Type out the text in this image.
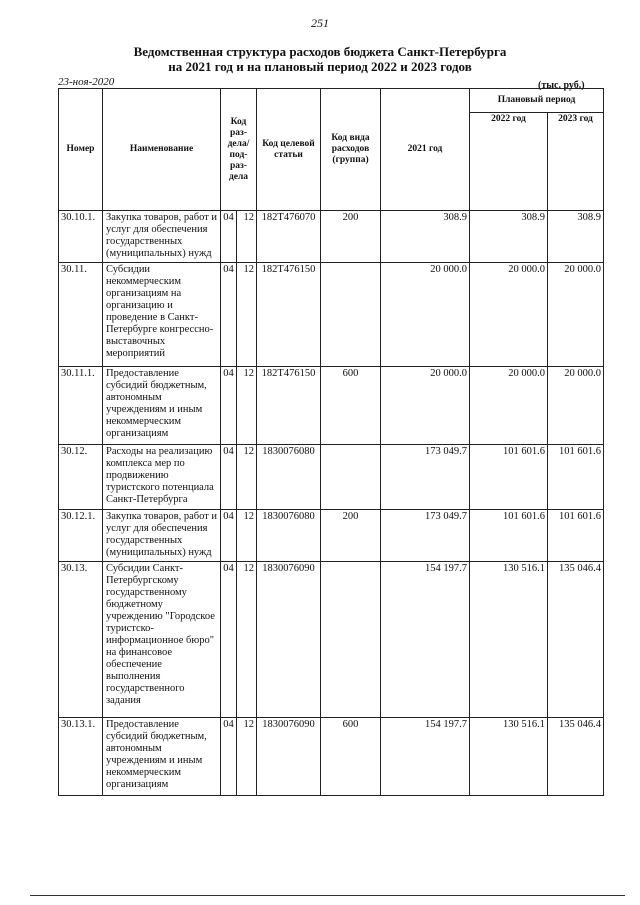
251
Ведомственная структура расходов бюджета Санкт-Петербурга
на 2021 год и на плановый период 2022 и 2023 годов
23-ноя-2020	(тыс. руб.)
Номер	Наименование	Код раз-дела/ под-раз-дела		Код целевой статьи	Код вида расходов (группа)	2021 год	Плановый период	
							2022 год	2023 год
30.10.1.	Закупка товаров, работ и услуг для обеспечения государственных (муниципальных) нужд	04	12	182Т476070	200	308.9	308.9	308.9
30.11.	Субсидии некоммерческим организациям на организацию и проведение в Санкт-Петербурге конгрессно-выставочных мероприятий	04	12	182Т476150		20 000.0	20 000.0	20 000.0
30.11.1.	Предоставление субсидий бюджетным, автономным учреждениям и иным некоммерческим организациям	04	12	182Т476150	600	20 000.0	20 000.0	20 000.0
30.12.	Расходы на реализацию комплекса мер по продвижению туристского потенциала Санкт-Петербурга	04	12	1830076080		173 049.7	101 601.6	101 601.6
30.12.1.	Закупка товаров, работ и услуг для обеспечения государственных (муниципальных) нужд	04	12	1830076080	200	173 049.7	101 601.6	101 601.6
30.13.	Субсидии Санкт-Петербургскому государственному бюджетному учреждению "Городское туристско-информационное бюро" на финансовое обеспечение выполнения государственного задания	04	12	1830076090		154 197.7	130 516.1	135 046.4
30.13.1.	Предоставление субсидий бюджетным, автономным учреждениям и иным некоммерческим организациям	04	12	1830076090	600	154 197.7	130 516.1	135 046.4
